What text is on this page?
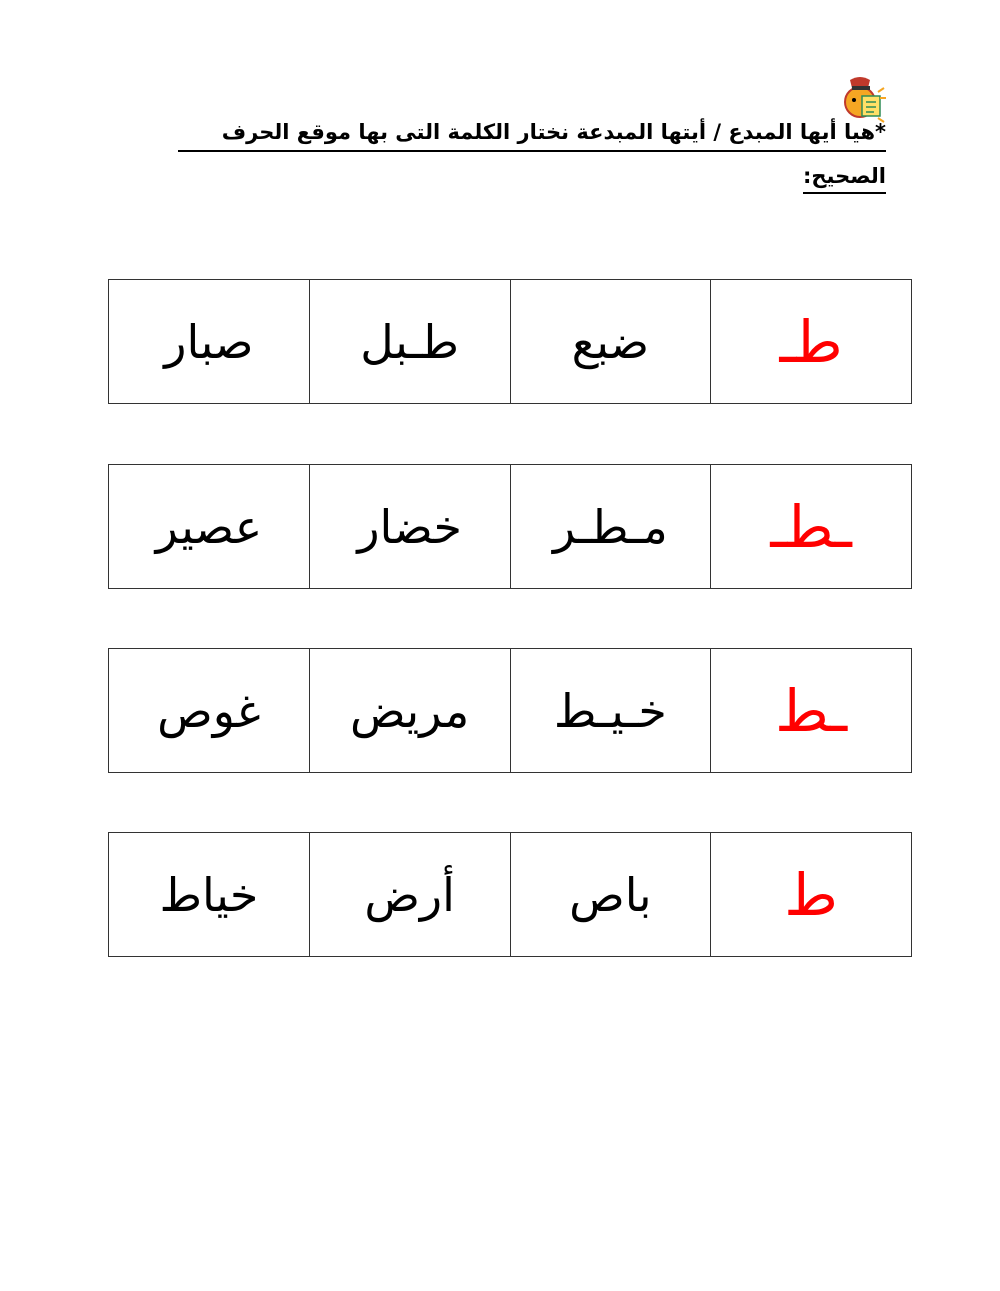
*هيا أيها المبدع / أيتها المبدعة نختار الكلمة التى بها موقع الحرف
الصحيح:
طـ	ضبع	طـبل	صبار
ـطـ	مـطـر	خضار	عصير
ـط	خـيـط	مريض	غوص
ط	باص	أرض	خياط
